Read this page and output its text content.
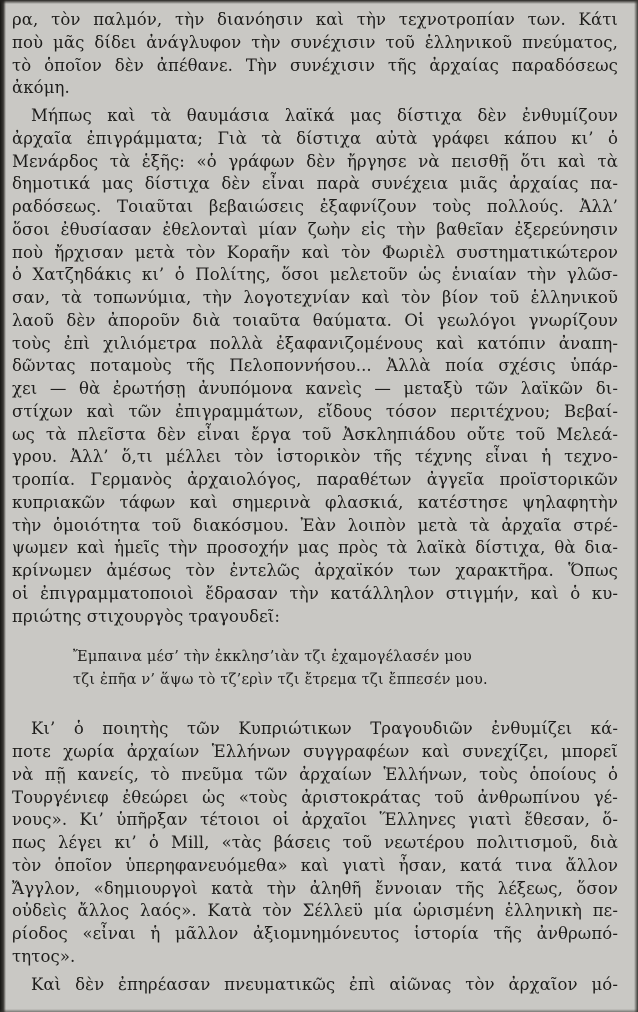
ρα, τὸν παλμόν, τὴν διανόησιν καὶ τὴν τεχνοτροπίαν των. Κάτι
ποὺ μᾶς δίδει ἀνάγλυφον τὴν συνέχισιν τοῦ ἑλληνικοῦ πνεύματος,
τὸ ὁποῖον δὲν ἀπέθανε. Τὴν συνέχισιν τῆς ἀρχαίας παραδόσεως
ἀκόμη.
Μήπως καὶ τὰ θαυμάσια λαϊκά μας δίστιχα δὲν ἐνθυμίζουν
ἀρχαῖα ἐπιγράμματα; Γιὰ τὰ δίστιχα αὐτὰ γράφει κάπου κι’ ὁ
Μενάρδος τὰ ἑξῆς: «ὁ γράφων δὲν ἤργησε νὰ πεισθῇ ὅτι καὶ τὰ
δημοτικά μας δίστιχα δὲν εἶναι παρὰ συνέχεια μιᾶς ἀρχαίας πα-
ραδόσεως. Τοιαῦται βεβαιώσεις ἐξαφνίζουν τοὺς πολλούς. Ἀλλ’
ὅσοι ἐθυσίασαν ἐθελονταὶ μίαν ζωὴν εἰς τὴν βαθεῖαν ἐξερεύνησιν
ποὺ ἤρχισαν μετὰ τὸν Κοραῆν καὶ τὸν Φωριὲλ συστηματικώτερον
ὁ Χατζηδάκις κι’ ὁ Πολίτης, ὅσοι μελετοῦν ὡς ἑνιαίαν τὴν γλῶσ-
σαν, τὰ τοπωνύμια, τὴν λογοτεχνίαν καὶ τὸν βίον τοῦ ἑλληνικοῦ
λαοῦ δὲν ἀποροῦν διὰ τοιαῦτα θαύματα. Οἱ γεωλόγοι γνωρίζουν
τοὺς ἐπὶ χιλιόμετρα πολλὰ ἐξαφανιζομένους καὶ κατόπιν ἀναπη-
δῶντας ποταμοὺς τῆς Πελοποννήσου... Ἀλλὰ ποία σχέσις ὑπάρ-
χει — θὰ ἐρωτήσῃ ἀνυπόμονα κανεὶς — μεταξὺ τῶν λαϊκῶν δι-
στίχων καὶ τῶν ἐπιγραμμάτων, εἴδους τόσον περιτέχνου; Βεβαί-
ως τὰ πλεῖστα δὲν εἶναι ἔργα τοῦ Ἀσκληπιάδου οὔτε τοῦ Μελεά-
γρου. Ἀλλ’ ὅ,τι μέλλει τὸν ἱστορικὸν τῆς τέχνης εἶναι ἡ τεχνο-
τροπία. Γερμανὸς ἀρχαιολόγος, παραθέτων ἀγγεῖα προϊστορικῶν
κυπριακῶν τάφων καὶ σημερινὰ φλασκιά, κατέστησε ψηλαφητὴν
τὴν ὁμοιότητα τοῦ διακόσμου. Ἐὰν λοιπὸν μετὰ τὰ ἀρχαῖα στρέ-
ψωμεν καὶ ἡμεῖς τὴν προσοχήν μας πρὸς τὰ λαϊκὰ δίστιχα, θὰ δια-
κρίνωμεν ἀμέσως τὸν ἐντελῶς ἀρχαϊκόν των χαρακτῆρα. Ὅπως
οἱ ἐπιγραμματοποιοὶ ἔδρασαν τὴν κατάλληλον στιγμήν, καὶ ὁ κυ-
πριώτης στιχουργὸς τραγουδεῖ:
Ἔμπαινα μέσ’ τὴν ἐκκλησ’ιὰν τζι ἐχαμογέλασέν μου
τζι ἐπῆα ν’ ἅψω τὸ τζ’ερὶν τζι ἔτρεμα τζι ἔππεσέν μου.
Κι’ ὁ ποιητὴς τῶν Κυπριώτικων Τραγουδιῶν ἐνθυμίζει κά-
ποτε χωρία ἀρχαίων Ἑλλήνων συγγραφέων καὶ συνεχίζει, μπορεῖ
νὰ πῇ κανείς, τὸ πνεῦμα τῶν ἀρχαίων Ἑλλήνων, τοὺς ὁποίους ὁ
Τουργένιεφ ἐθεώρει ὡς «τοὺς ἀριστοκράτας τοῦ ἀνθρωπίνου γέ-
νους». Κι’ ὑπῆρξαν τέτοιοι οἱ ἀρχαῖοι Ἕλληνες γιατὶ ἔθεσαν, ὅ-
πως λέγει κι’ ὁ Mill, «τὰς βάσεις τοῦ νεωτέρου πολιτισμοῦ, διὰ
τὸν ὁποῖον ὑπερηφανευόμεθα» καὶ γιατὶ ἦσαν, κατά τινα ἄλλον
Ἄγγλον, «δημιουργοὶ κατὰ τὴν ἀληθῆ ἔννοιαν τῆς λέξεως, ὅσον
οὐδεὶς ἄλλος λαός». Κατὰ τὸν Σέλλεϋ μία ὡρισμένη ἑλληνικὴ πε-
ρίοδος «εἶναι ἡ μᾶλλον ἀξιομνημόνευτος ἱστορία τῆς ἀνθρωπό-
τητος».
Καὶ δὲν ἐπηρέασαν πνευματικῶς ἐπὶ αἰῶνας τὸν ἀρχαῖον μό-
